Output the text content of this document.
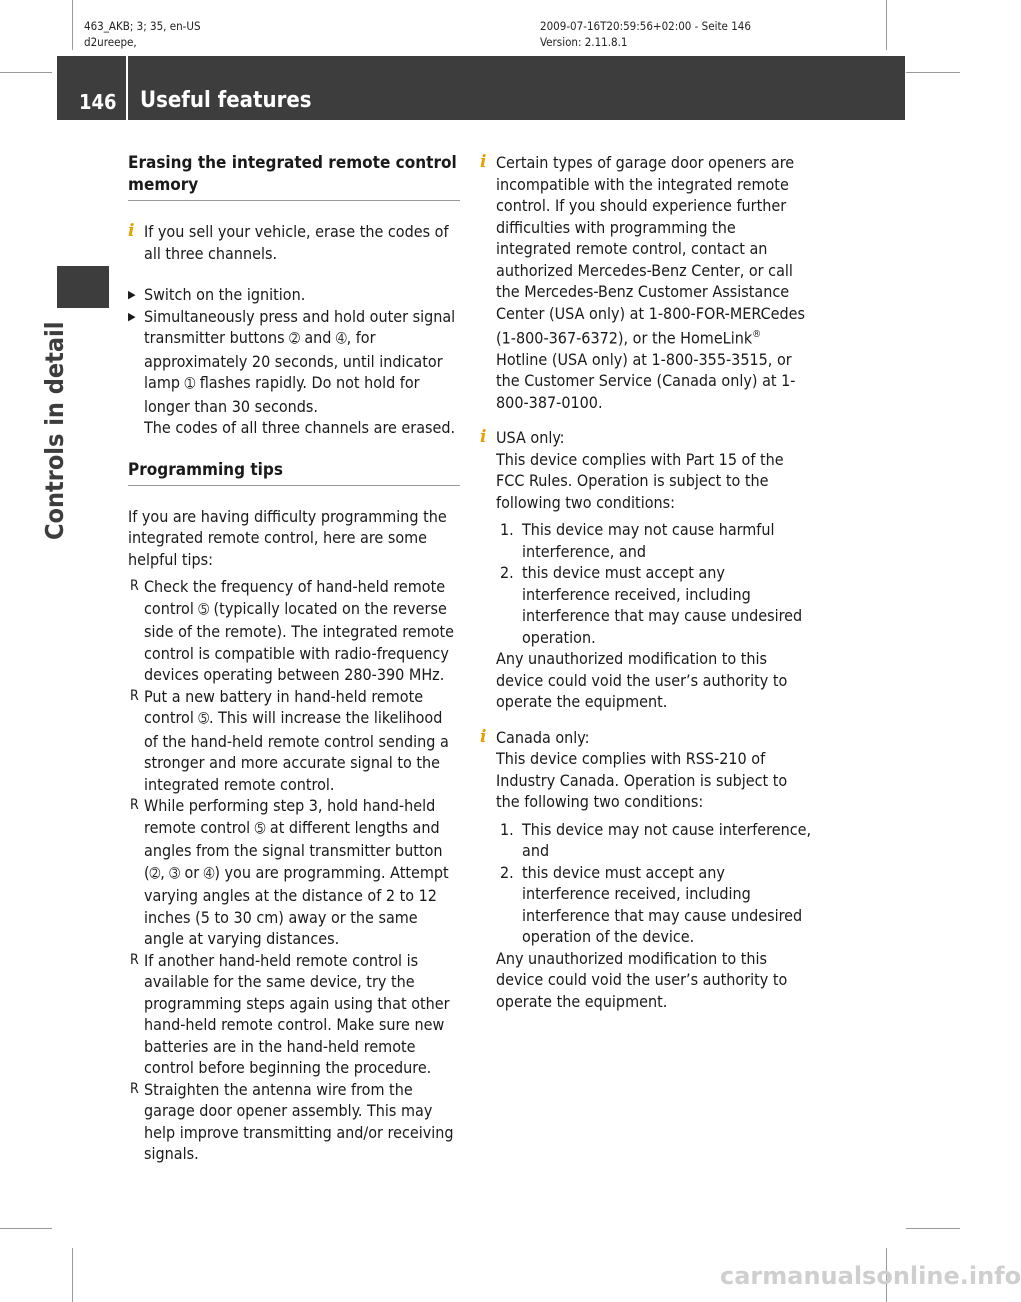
463_AKB; 3; 35, en-US
d2ureepe,
2009-07-16T20:59:56+02:00 - Seite 146
Version: 2.11.8.1
146 Useful features
Controls in detail

Erasing the integrated remote control memory

i If you sell your vehicle, erase the codes of all three channels.

▶ Switch on the ignition.

▶ Simultaneously press and hold outer signal transmitter buttons ➁ and ➃, for approximately 20 seconds, until indicator lamp ➀ flashes rapidly. Do not hold for longer than 30 seconds.

The codes of all three channels are erased.

Programming tips

If you are having difficulty programming the integrated remote control, here are some helpful tips:

R Check the frequency of hand-held remote control ➄ (typically located on the reverse side of the remote). The integrated remote control is compatible with radio-frequency devices operating between 280-390 MHz.

R Put a new battery in hand-held remote control ➄. This will increase the likelihood of the hand-held remote control sending a stronger and more accurate signal to the integrated remote control.

R While performing step 3, hold hand-held remote control ➄ at different lengths and angles from the signal transmitter button (➁, ➂ or ➃) you are programming. Attempt varying angles at the distance of 2 to 12 inches (5 to 30 cm) away or the same angle at varying distances.

R If another hand-held remote control is available for the same device, try the programming steps again using that other hand-held remote control. Make sure new batteries are in the hand-held remote control before beginning the procedure.

R Straighten the antenna wire from the garage door opener assembly. This may help improve transmitting and/or receiving signals.

i Certain types of garage door openers are incompatible with the integrated remote control. If you should experience further difficulties with programming the integrated remote control, contact an authorized Mercedes-Benz Center, or call the Mercedes-Benz Customer Assistance Center (USA only) at 1-800-FOR-MERCedes (1-800-367-6372), or the HomeLink® Hotline (USA only) at 1-800-355-3515, or the Customer Service (Canada only) at 1-800-387-0100.

i USA only:

This device complies with Part 15 of the FCC Rules. Operation is subject to the following two conditions:

1. This device may not cause harmful interference, and

2. this device must accept any interference received, including interference that may cause undesired operation.

Any unauthorized modification to this device could void the user’s authority to operate the equipment.

i Canada only:

This device complies with RSS-210 of Industry Canada. Operation is subject to the following two conditions:

1. This device may not cause interference, and

2. this device must accept any interference received, including interference that may cause undesired operation of the device.

Any unauthorized modification to this device could void the user’s authority to operate the equipment.

carmanualsonline.info
